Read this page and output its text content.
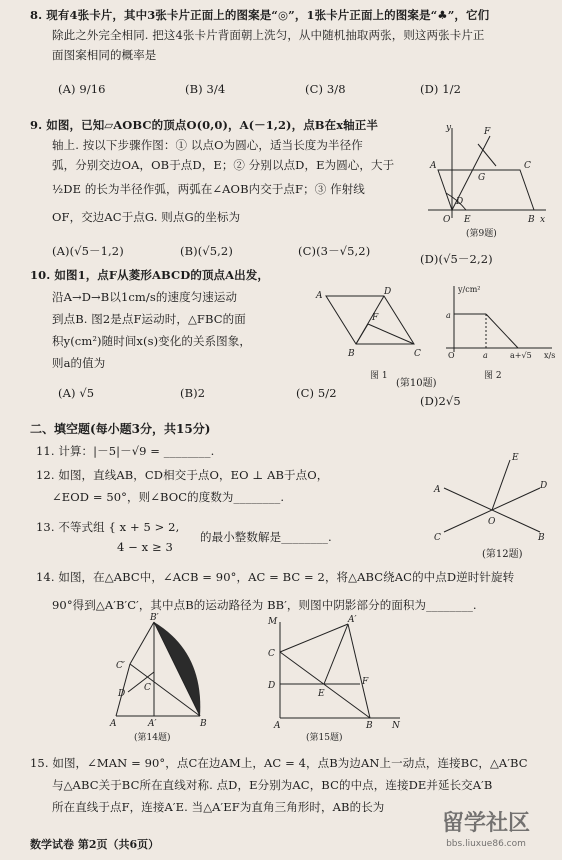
8. 现有4张卡片，其中3张卡片正面上的图案是“◎”，1张卡片正面上的图案是“♣”，它们
除此之外完全相同. 把这4张卡片背面朝上洗匀，从中随机抽取两张，则这两张卡片正
面图案相同的概率是
(A) 9/16	(B) 3/4	(C) 3/8	(D) 1/2
9. 如图，已知▱AOBC的顶点O(0,0)，A(－1,2)，点B在x轴正半
轴上. 按以下步骤作图：① 以点O为圆心，适当长度为半径作
弧，分别交边OA，OB于点D，E；② 分别以点D，E为圆心，大于
½DE 的长为半径作弧，两弧在∠AOB内交于点F；③ 作射线
OF，交边AC于点G. 则点G的坐标为
(A)(√5－1,2)	(B)(√5,2)	(C)(3－√5,2)
(D)(√5－2,2)
A
O	B
C
F
G
D
E	x
y
(第9题)
10. 如图1，点F从菱形ABCD的顶点A出发，
沿A→D→B以1cm/s的速度匀速运动
到点B. 图2是点F运动时，△FBC的面
积y(cm²)随时间x(s)变化的关系图象，
则a的值为
(A) √5	(B)2	(C) 5/2
(D)2√5
A	D
F
B	C
图 1
y/cm²
a
O	a	a+√5 x/s
图 2
(第10题)
二、填空题(每小题3分，共15分)
11. 计算：|－5|－√9 = ________.
12. 如图，直线AB，CD相交于点O，EO ⊥ AB于点O，
∠EOD = 50°，则∠BOC的度数为________.
E
A	D
O
C	B
(第12题)
13. 不等式组 { x + 5 > 2,
4 − x ≥ 3
的最小整数解是________.
14. 如图，在△ABC中，∠ACB = 90°，AC = BC = 2，将△ABC绕AC的中点D逆时针旋转
90°得到△A′B′C′，其中点B的运动路径为 BB′，则图中阴影部分的面积为________.
B′
C′
D
C
A	A′	B
(第14题)
M	A′
C
D
E
F
A	B N
(第15题)
15. 如图，∠MAN = 90°，点C在边AM上，AC = 4，点B为边AN上一动点，连接BC，△A′BC
与△ABC关于BC所在直线对称. 点D，E分别为AC，BC的中点，连接DE并延长交A′B
所在直线于点F，连接A′E. 当△A′EF为直角三角形时，AB的长为
数学试卷 第2页（共6页）
留学社区
bbs.liuxue86.com
